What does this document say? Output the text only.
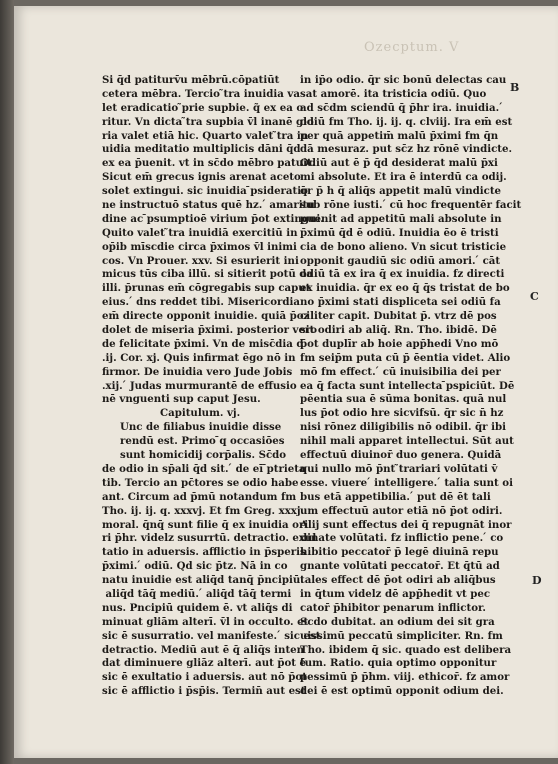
Ozecptum. V
Si q̄d patiturv̄u mēbrū.cōpatiūt
cetera mēbra. Tercio ̃tra inuidia va
let eradicatio ̃prie supbie. q̃ ex ea o
ritur. Vn dicta ̃tra supbia v̄l inanē glo
ria valet etiā hic. Quarto valet ̃tra in
uidia meditatio multiplicis dāni q̄d
ex ea p̄uenit. vt in sc̄do mēbro patuit.
Sicut em̄ grecus ignis arenat aceto
solet extingui. sic inuidia ̄psideratio
ne instructuō status quē h̄z. ́ amaritu
dine ac ̄psumptioē virium p̄ot extingui.
Quito valet ̃tra inuidiā exercitiū in
op̄ib̄ mīscdie circa p̄ximos v̄l inimi
cos. Vn Prouer. xxv. Si esurierit ini
micus tūs ciba illū. si sitierit potū da
illi. p̄runas em̄ cōgregabis sup caput
eius. ́ d̄ns reddet tibi. Misericordia
em̄ directe opponit inuidie. quiā p̄oz
dolet de miseria p̄ximi. posterior vero
de felicitate p̄ximi. Vn de misc̄dia d̄
.ij. Cor. xj. Quis infirmat̄ ēgo nō in
firmor. De inuidia vero Jude Jobis
.xij. ́ Judas murmurantē de effusio
nē vnguenti sup caput Jesu.
Capitulum. vj.
Unc de filiabus inuidie disse
rendū est. Primo ̄q occasiōes
sunt homicidij corp̄alis. Sc̄do
de odio in sp̄ali q̄d sit. ́ de eī ̄ptrieta
tib̄. Tercio an pc̄tores se odio habe
ant. Circum ad p̄mū notandum fm
Tho. ij. ij. q. xxxvj. Et fm Greg. xxxj.
moral. q̄nq̄ sunt filie q̄ ex inuidia ori
ri p̄hr. videlz susurrtū. detractio. exul
tatio in aduersis. afflictio in p̄speris
p̄ximi. ́ odiū. Qd sic p̄tz. Nā in co
natu inuidie est aliq̄d tanq̄ p̄ncipiū.
́ aliq̄d tāq̄ mediū. ́ aliq̄d tāq̄ termi
nus. P̄ncipiū quidem ē. vt aliq̄s di
minuat gliām alterī. v̄l in occulto. et
sic ē susurratio. vel manifeste. ́ sic est
detractio. Mediū aut̄ ē q̄ aliq̄s inten
dat diminuere gliāz alterī. aut p̄ot ē
sic ē exultatio i aduersis. aut nō p̄ot
sic ē afflictio i p̄sp̄is. Termin̄ aut̄ est
in ip̄o odio. q̄r sic bonū delectas cau
sat amorē. ita tristicia odiū. Quo
ad sc̄dm sciendū q̄ p̄hr ira. inuidia. ́
odiū fm Tho. ij. ij. q. clviij. Ira em̄ est
per quā appetim̄ malū p̄ximi fm q̄n
dā mesuraz. put sc̄z h̄z rōnē vindicte.
Odiū aut̄ ē p̄ q̄d desiderat malū p̄xi
mi absolute. Et ira ē interdū ca odij.
q̄r p̄ h̄ q̄ aliq̄s appetit malū vindicte
sub rōne iusti. ́ cū hoc frequentēr facit
puenit ad appetitū mali absolute in
p̄ximū q̄d ē odiū. Inuidia ēo ē tristi
cia de bono alieno. Vn sicut tristicie
opponit gaudiū sic odiū amori. ́ cāt
odiū tā ex ira q̄ ex inuidia. fz directi
ex inuidia. q̄r ex eo q̄ q̄s tristat̄ de bo
no p̄ximi stati displicet̄a sei odiū fa
ciliter capit. Dubitat̄ p̄. vtrz dē pos
sit odiri ab aliq̄. Rn. Tho. ibidē. Dē
p̄ot duplīr ab hoie app̄hedi Vno mō
fm seip̄m puta cū p̄ ēentia videt. Alio
mō fm effect̄. ́ cū inuisibilia dei per
ea q̄ facta sunt intellecta ̄pspiciūt. Dē
pēentia sua ē sūma bonitas. quā nul
lus p̄ot odio h̄re sicvifsū. q̄r sic n̄ h̄z
nisi rōnez diligibilis nō odibil̄. q̄r ibi
nihil mali apparet intellectui. Sūt aut̄
effectuū diuinor̄ duo genera. Quidā
qui nullo mō p̄nt ̃trariari volūtati v̄
esse. viuere ́ intelligere. ́ talia sunt oi
bus etā appetibilia. ́ put dē ēt tali
um effectuū autor etiā nō p̄ot odiri.
Alij sunt effectus dei q̄ repugnāt inor
dinate volūtati. fz inflictio pene. ́ co
hibitio peccator̄ p̄ legē diuinā repu
gnante volūtati peccator̄. Et q̄tū ad
tales effect̄ dē p̄ot odiri ab aliq̄bus
in q̄tum videl̄z dē app̄hedit vt pec
cator̄ p̄hibitor penarum inflictor.
Scdo dubitat̄. an odium dei sit gra
uissimū peccatū simpliciter. Rn. fm
Tho. ibidem q̄ sic. quado est delibera
tum. Ratio. quia optimo opponitur
pessimū p̄ p̄hm. viij. ethicor̄. fz amor
dei ē est optimū opponit odium dei.
B
C
D
